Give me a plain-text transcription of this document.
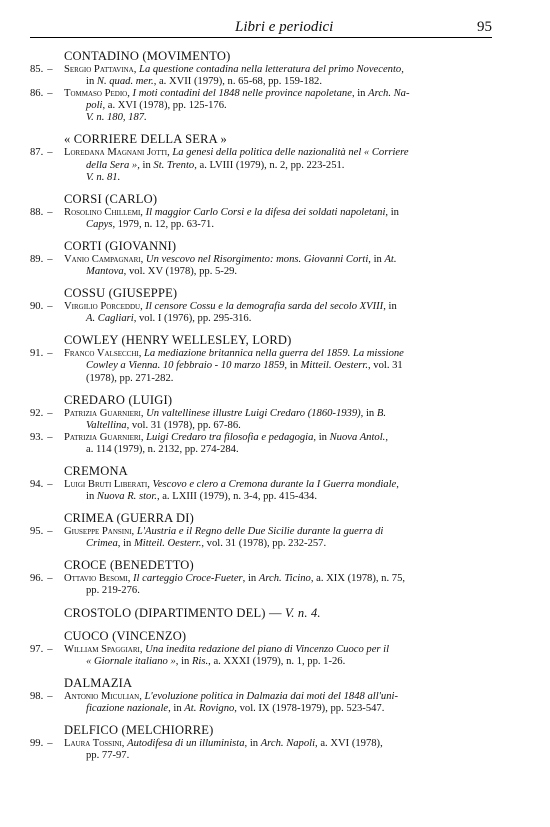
Libri e periodici	95
CONTADINO (MOVIMENTO)
85. – Sergio Pattavina, La questione contadina nella letteratura del primo Novecento,
in N. quad. mer., a. XVII (1979), n. 65-68, pp. 159-182.
86. – Tommaso Pedio, I moti contadini del 1848 nelle province napoletane, in Arch. Na-
poli, a. XVI (1978), pp. 125-176.
V. n. 180, 187.
« CORRIERE DELLA SERA »
87. – Loredana Magnani Jotti, La genesi della politica delle nazionalità nel « Corriere
della Sera », in St. Trento, a. LVIII (1979), n. 2, pp. 223-251.
V. n. 81.
CORSI (CARLO)
88. – Rosolino Chillemi, Il maggior Carlo Corsi e la difesa dei soldati napoletani, in
Capys, 1979, n. 12, pp. 63-71.
CORTI (GIOVANNI)
89. – Vanio Campagnari, Un vescovo nel Risorgimento: mons. Giovanni Corti, in At.
Mantova, vol. XV (1978), pp. 5-29.
COSSU (GIUSEPPE)
90. – Virgilio Porceddu, Il censore Cossu e la demografia sarda del secolo XVIII, in
A. Cagliari, vol. I (1976), pp. 295-316.
COWLEY (HENRY WELLESLEY, LORD)
91. – Franco Valsecchi, La mediazione britannica nella guerra del 1859. La missione
Cowley a Vienna. 10 febbraio - 10 marzo 1859, in Mitteil. Oesterr., vol. 31
(1978), pp. 271-282.
CREDARO (LUIGI)
92. – Patrizia Guarnieri, Un valtellinese illustre Luigi Credaro (1860-1939), in B.
Valtellina, vol. 31 (1978), pp. 67-86.
93. – Patrizia Guarnieri, Luigi Credaro tra filosofia e pedagogia, in Nuova Antol.,
a. 114 (1979), n. 2132, pp. 274-284.
CREMONA
94. – Luigi Bruti Liberati, Vescovo e clero a Cremona durante la I Guerra mondiale,
in Nuova R. stor., a. LXIII (1979), n. 3-4, pp. 415-434.
CRIMEA (GUERRA DI)
95. – Giuseppe Pansini, L'Austria e il Regno delle Due Sicilie durante la guerra di
Crimea, in Mitteil. Oesterr., vol. 31 (1978), pp. 232-257.
CROCE (BENEDETTO)
96. – Ottavio Besomi, Il carteggio Croce-Fueter, in Arch. Ticino, a. XIX (1978), n. 75,
pp. 219-276.
CROSTOLO (DIPARTIMENTO DEL) — V. n. 4.
CUOCO (VINCENZO)
97. – William Spaggiari, Una inedita redazione del piano di Vincenzo Cuoco per il
« Giornale italiano », in Ris., a. XXXI (1979), n. 1, pp. 1-26.
DALMAZIA
98. – Antonio Miculian, L'evoluzione politica in Dalmazia dai moti del 1848 all'uni-
ficazione nazionale, in At. Rovigno, vol. IX (1978-1979), pp. 523-547.
DELFICO (MELCHIORRE)
99. – Laura Tossini, Autodifesa di un illuminista, in Arch. Napoli, a. XVI (1978),
pp. 77-97.
